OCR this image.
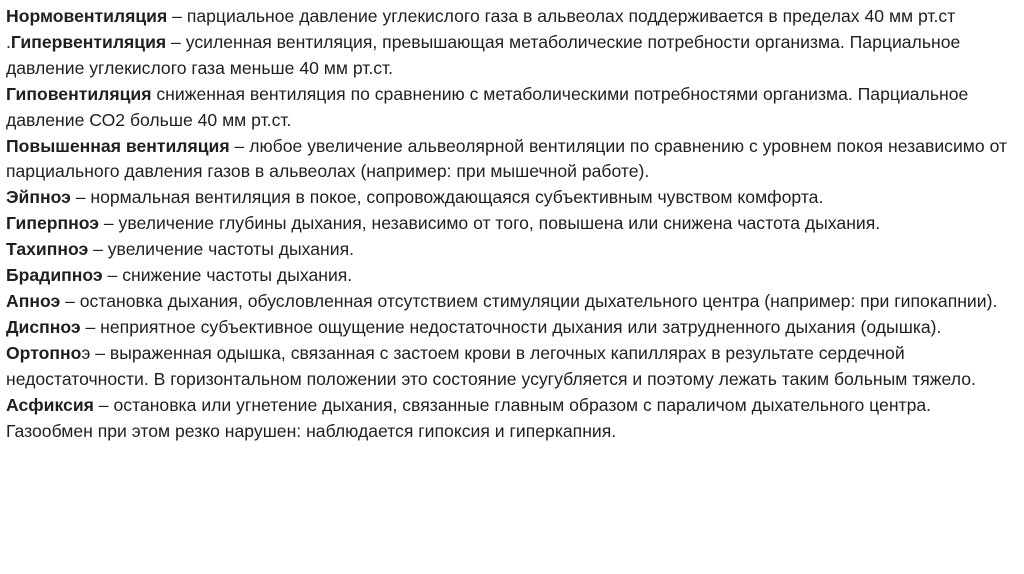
Нормовентиляция – парциальное давление углекислого газа в альвеолах поддерживается в пределах 40 мм рт.ст

.Гипервентиляция – усиленная вентиляция, превышающая метаболические потребности организма. Парциальное давление углекислого газа меньше 40 мм рт.ст.

Гиповентиляция сниженная вентиляция по сравнению с метаболическими потребностями организма. Парциальное давление СО2 больше 40 мм рт.ст.

Повышенная вентиляция – любое увеличение альвеолярной вентиляции по сравнению с уровнем покоя независимо от парциального давления газов в альвеолах (например: при мышечной работе).

Эйпноэ – нормальная вентиляция в покое, сопровождающаяся субъективным чувством комфорта.

Гиперпноэ – увеличение глубины дыхания, независимо от того, повышена или снижена частота дыхания.

Тахипноэ – увеличение частоты дыхания.

Брадипноэ – снижение частоты дыхания.

Апноэ – остановка дыхания, обусловленная отсутствием стимуляции дыхательного центра (например: при гипокапнии).

Диспноэ – неприятное субъективное ощущение недостаточности дыхания или затрудненного дыхания (одышка).

Ортопноэ – выраженная одышка, связанная с застоем крови в легочных капиллярах в результате сердечной недостаточности. В горизонтальном положении это состояние усугубляется и поэтому лежать таким больным тяжело.

Асфиксия – остановка или угнетение дыхания, связанные главным образом с параличом дыхательного центра. Газообмен при этом резко нарушен: наблюдается гипоксия и гиперкапния.
